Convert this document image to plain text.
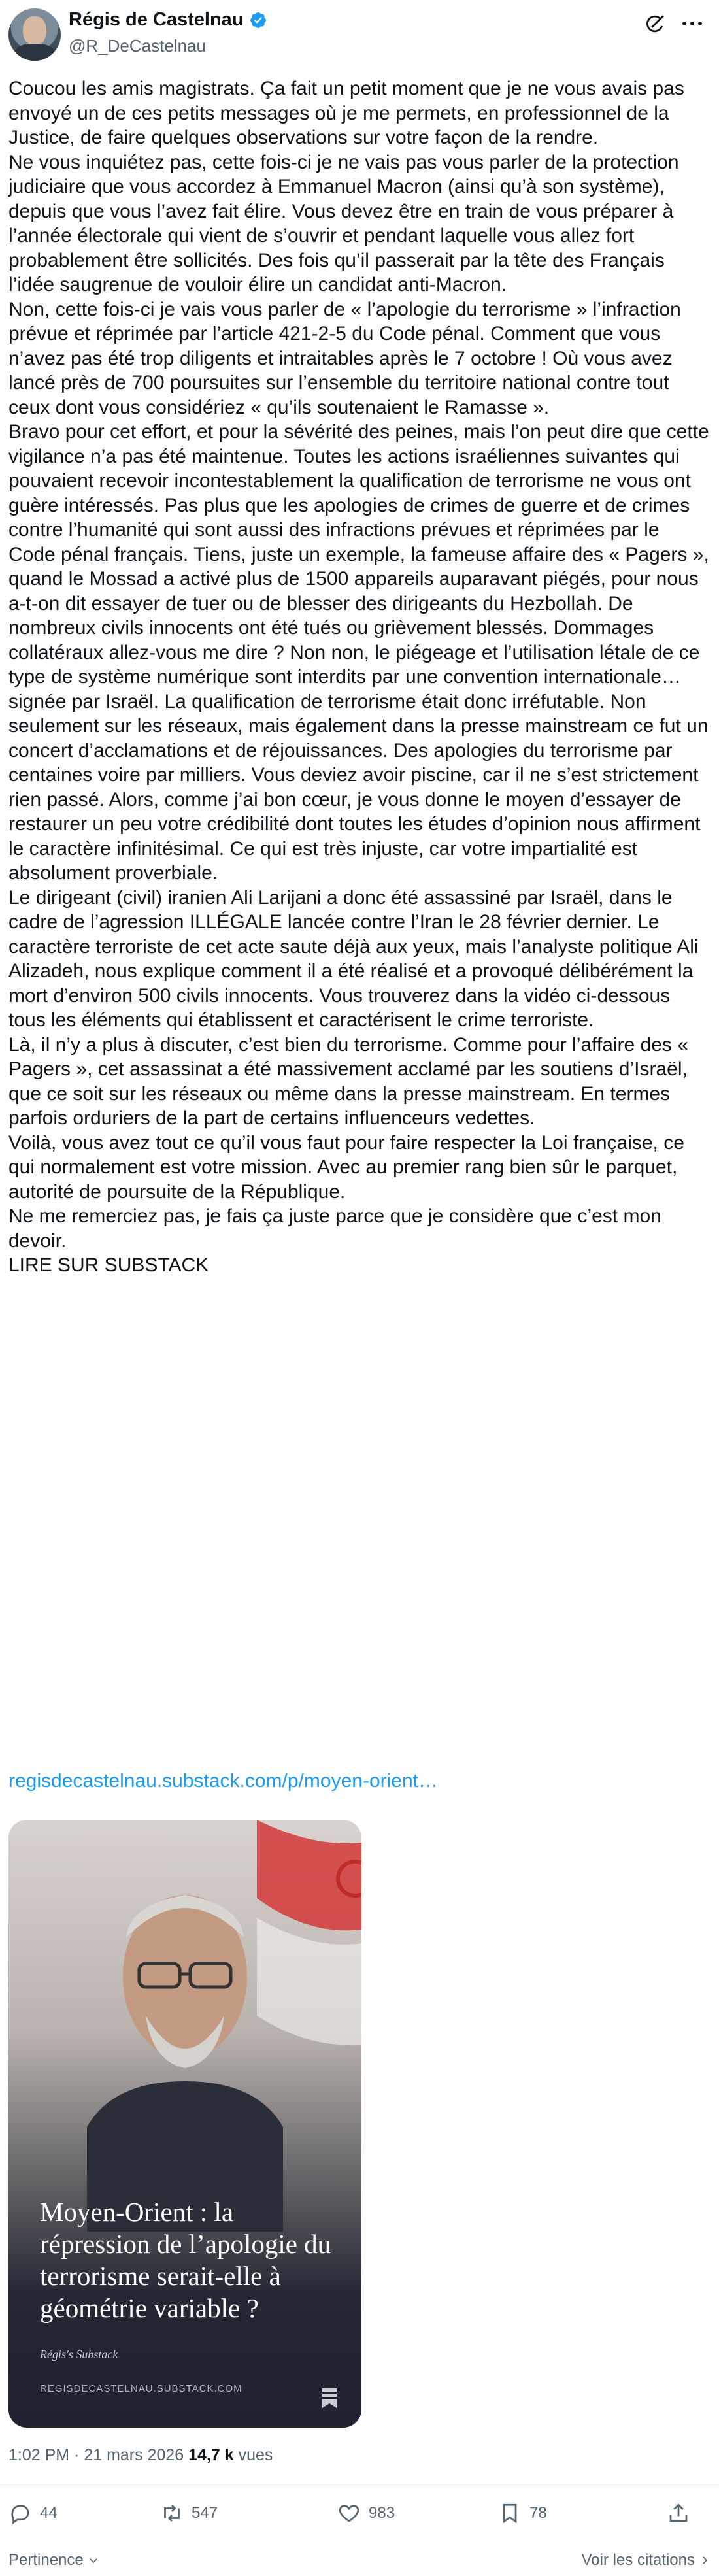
Régis de Castelnau
@R_DeCastelnau

Coucou les amis magistrats. Ça fait un petit moment que je ne vous avais pas envoyé un de ces petits messages où je me permets, en professionnel de la Justice, de faire quelques observations sur votre façon de la rendre.

Ne vous inquiétez pas, cette fois-ci je ne vais pas vous parler de la protection judiciaire que vous accordez à Emmanuel Macron (ainsi qu’à son système), depuis que vous l’avez fait élire. Vous devez être en train de vous préparer à l’année électorale qui vient de s’ouvrir et pendant laquelle vous allez fort probablement être sollicités. Des fois qu’il passerait par la tête des Français l’idée saugrenue de vouloir élire un candidat anti-Macron.

Non, cette fois-ci je vais vous parler de « l’apologie du terrorisme » l’infraction prévue et réprimée par l’article 421-2-5 du Code pénal. Comment que vous n’avez pas été trop diligents et intraitables après le 7 octobre ! Où vous avez lancé près de 700 poursuites sur l’ensemble du territoire national contre tout ceux dont vous considériez « qu’ils soutenaient le Ramasse ».

Bravo pour cet effort, et pour la sévérité des peines, mais l’on peut dire que cette vigilance n’a pas été maintenue. Toutes les actions israéliennes suivantes qui pouvaient recevoir incontestablement la qualification de terrorisme ne vous ont guère intéressés. Pas plus que les apologies de crimes de guerre et de crimes contre l’humanité qui sont aussi des infractions prévues et réprimées par le Code pénal français. Tiens, juste un exemple, la fameuse affaire des « Pagers », quand le Mossad a activé plus de 1500 appareils auparavant piégés, pour nous a-t-on dit essayer de tuer ou de blesser des dirigeants du Hezbollah. De nombreux civils innocents ont été tués ou grièvement blessés. Dommages collatéraux allez-vous me dire ? Non non, le piégeage et l’utilisation létale de ce type de système numérique sont interdits par une convention internationale… signée par Israël. La qualification de terrorisme était donc irréfutable. Non seulement sur les réseaux, mais également dans la presse mainstream ce fut un concert d’acclamations et de réjouissances. Des apologies du terrorisme par centaines voire par milliers. Vous deviez avoir piscine, car il ne s’est strictement rien passé. Alors, comme j’ai bon cœur, je vous donne le moyen d’essayer de restaurer un peu votre crédibilité dont toutes les études d’opinion nous affirment le caractère infinitésimal. Ce qui est très injuste, car votre impartialité est absolument proverbiale.

Le dirigeant (civil) iranien Ali Larijani a donc été assassiné par Israël, dans le cadre de l’agression ILLÉGALE lancée contre l’Iran le 28 février dernier. Le caractère terroriste de cet acte saute déjà aux yeux, mais l’analyste politique Ali Alizadeh, nous explique comment il a été réalisé et a provoqué délibérément la mort d’environ 500 civils innocents. Vous trouverez dans la vidéo ci-dessous tous les éléments qui établissent et caractérisent le crime terroriste.

Là, il n’y a plus à discuter, c’est bien du terrorisme. Comme pour l’affaire des « Pagers », cet assassinat a été massivement acclamé par les soutiens d’Israël, que ce soit sur les réseaux ou même dans la presse mainstream. En termes parfois orduriers de la part de certains influenceurs vedettes.

Voilà, vous avez tout ce qu’il vous faut pour faire respecter la Loi française, ce qui normalement est votre mission. Avec au premier rang bien sûr le parquet, autorité de poursuite de la République.

Ne me remerciez pas, je fais ça juste parce que je considère que c’est mon devoir.

LIRE SUR SUBSTACK

regisdecastelnau.substack.com/p/moyen-orient…
Moyen-Orient : la répression de l’apologie du terrorisme serait-elle à géométrie variable ?
Régis's Substack
REGISDECASTELNAU.SUBSTACK.COM
1:02 PM · 21 mars 2026 14,7 k vues
44	547	983	78
Pertinence	Voir les citations
